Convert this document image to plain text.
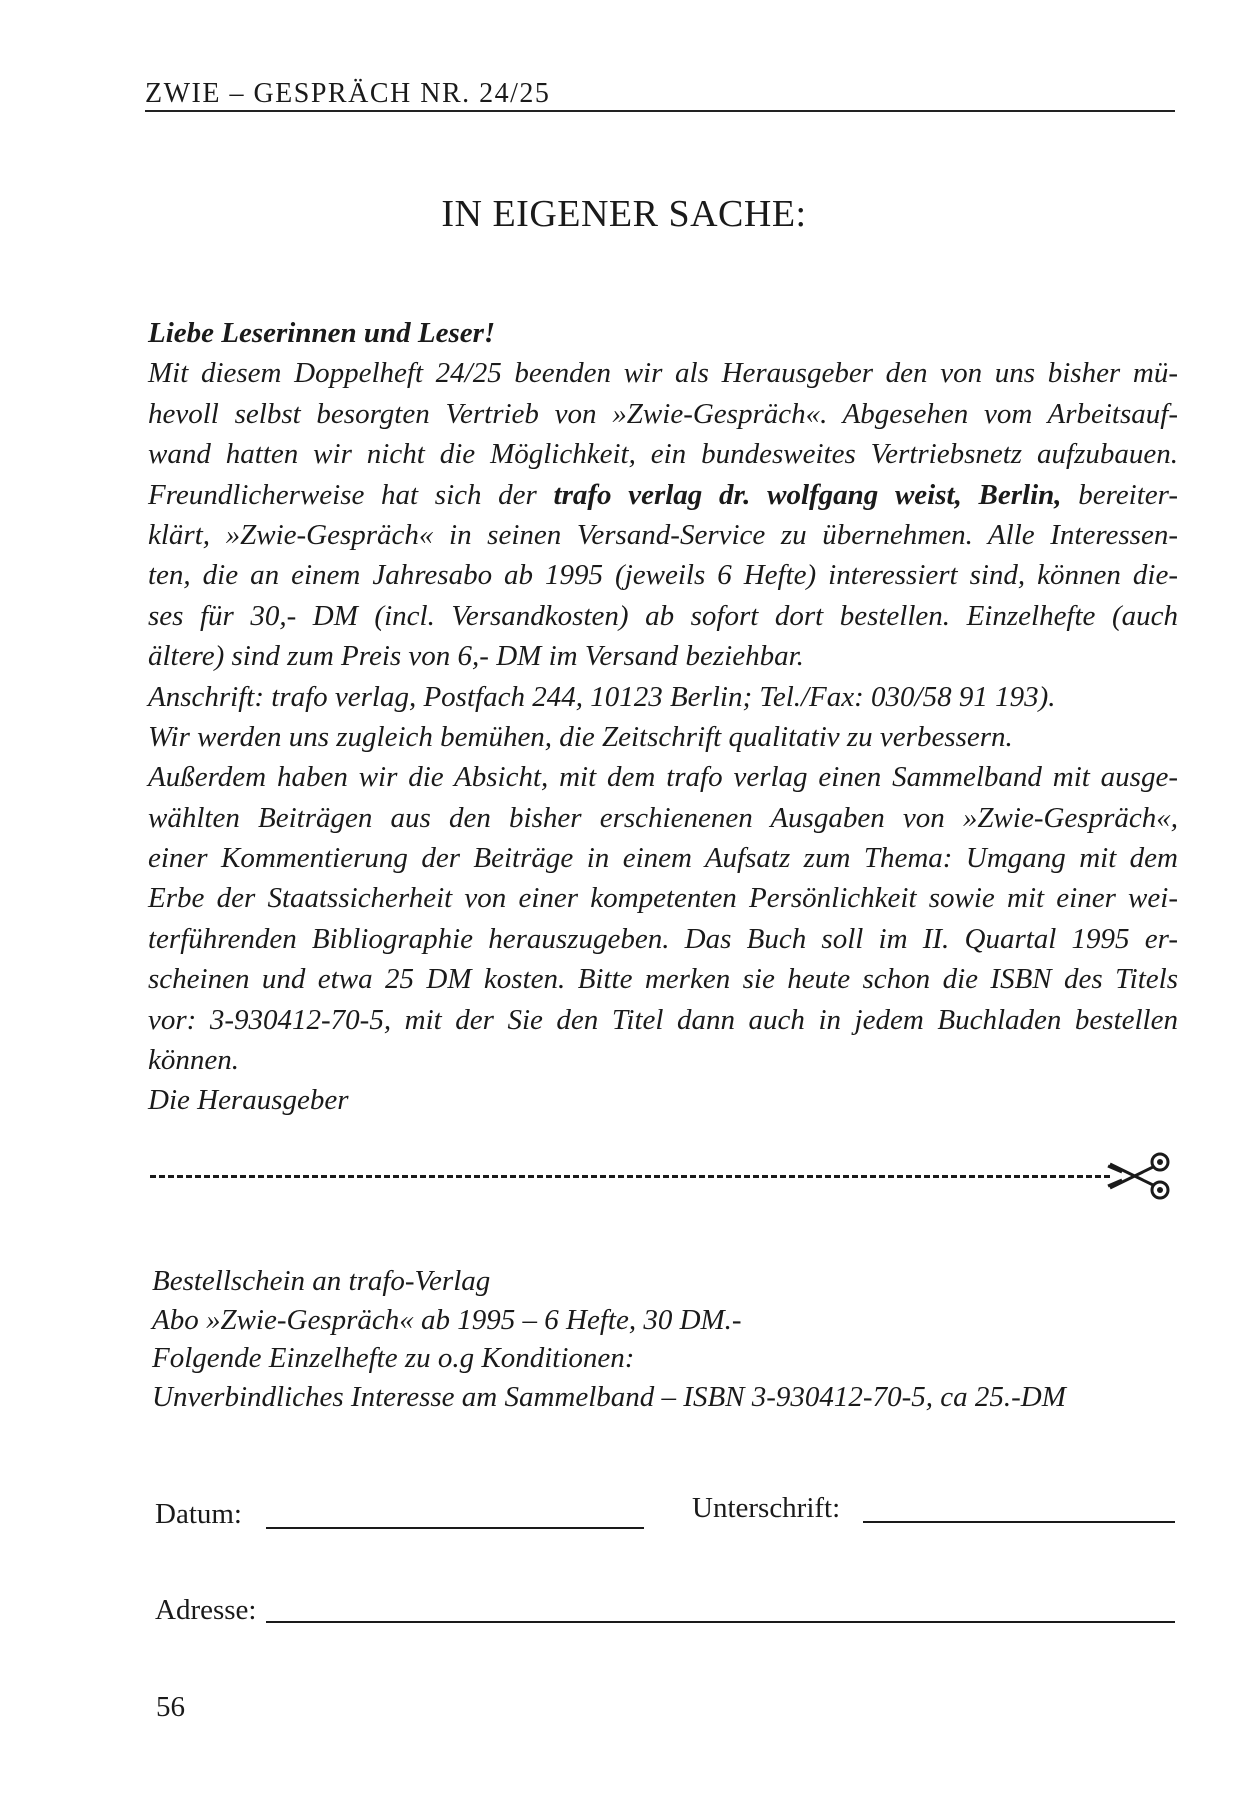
ZWIE – GESPRÄCH NR. 24/25
IN EIGENER SACHE:
Liebe Leserinnen und Leser!
Mit diesem Doppelheft 24/25 beenden wir als Herausgeber den von uns bisher mü-
hevoll selbst besorgten Vertrieb von »Zwie-Gespräch«. Abgesehen vom Arbeitsauf-
wand hatten wir nicht die Möglichkeit, ein bundesweites Vertriebsnetz aufzubauen.
Freundlicherweise hat sich der trafo verlag dr. wolfgang weist, Berlin, bereiter-
klärt, »Zwie-Gespräch« in seinen Versand-Service zu übernehmen. Alle Interessen-
ten, die an einem Jahresabo ab 1995 (jeweils 6 Hefte) interessiert sind, können die-
ses für 30,- DM (incl. Versandkosten) ab sofort dort bestellen. Einzelhefte (auch
ältere) sind zum Preis von 6,- DM im Versand beziehbar.
Anschrift: trafo verlag, Postfach 244, 10123 Berlin; Tel./Fax: 030/58 91 193).
Wir werden uns zugleich bemühen, die Zeitschrift qualitativ zu verbessern.
Außerdem haben wir die Absicht, mit dem trafo verlag einen Sammelband mit ausge-
wählten Beiträgen aus den bisher erschienenen Ausgaben von »Zwie-Gespräch«,
einer Kommentierung der Beiträge in einem Aufsatz zum Thema: Umgang mit dem
Erbe der Staatssicherheit von einer kompetenten Persönlichkeit sowie mit einer wei-
terführenden Bibliographie herauszugeben. Das Buch soll im II. Quartal 1995 er-
scheinen und etwa 25 DM kosten. Bitte merken sie heute schon die ISBN des Titels
vor: 3-930412-70-5, mit der Sie den Titel dann auch in jedem Buchladen bestellen
können.
Die Herausgeber
Bestellschein an trafo-Verlag
Abo »Zwie-Gespräch« ab 1995 – 6 Hefte, 30 DM.-
Folgende Einzelhefte zu o.g Konditionen:
Unverbindliches Interesse am Sammelband – ISBN 3-930412-70-5, ca 25.-DM
Datum:	Unterschrift:
Adresse:
56
